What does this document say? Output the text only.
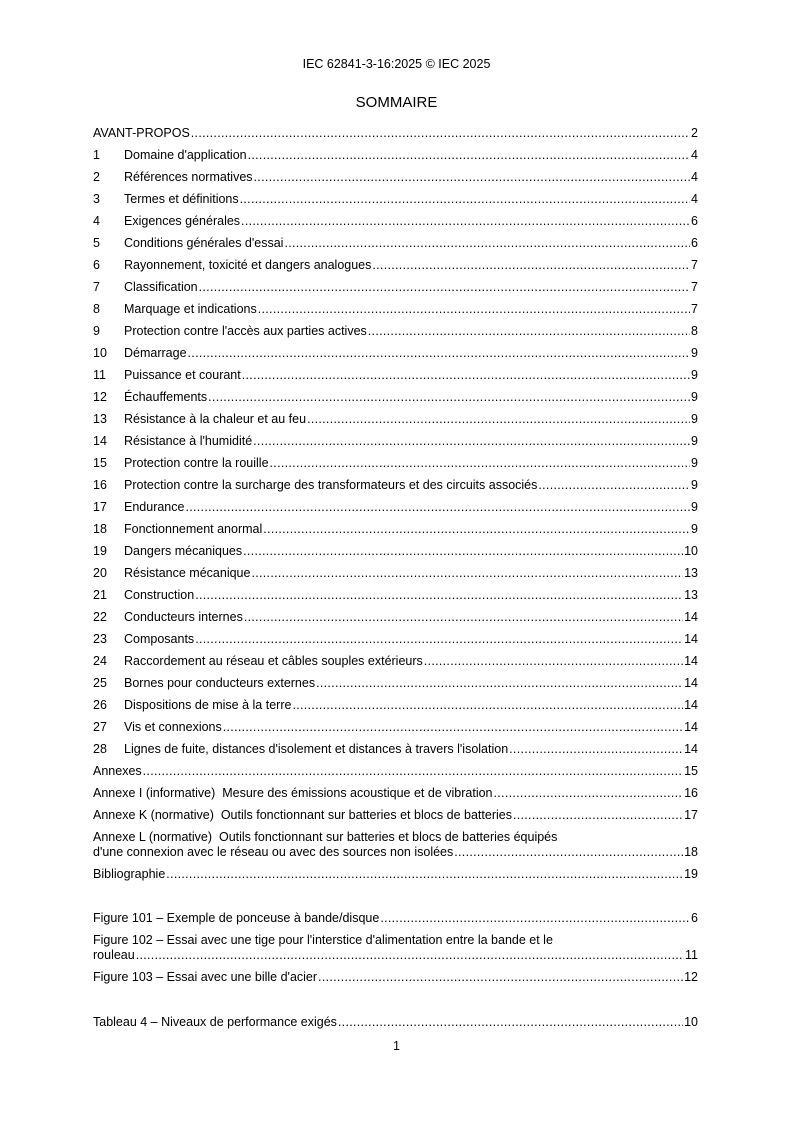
IEC 62841-3-16:2025 © IEC 2025
SOMMAIRE
AVANT-PROPOS .....	2
1	Domaine d'application .....	4
2	Références normatives .....	4
3	Termes et définitions .....	4
4	Exigences générales .....	6
5	Conditions générales d'essai .....	6
6	Rayonnement, toxicité et dangers analogues .....	7
7	Classification .....	7
8	Marquage et indications .....	7
9	Protection contre l'accès aux parties actives .....	8
10	Démarrage .....	9
11	Puissance et courant .....	9
12	Échauffements .....	9
13	Résistance à la chaleur et au feu .....	9
14	Résistance à l'humidité .....	9
15	Protection contre la rouille .....	9
16	Protection contre la surcharge des transformateurs et des circuits associés .....	9
17	Endurance .....	9
18	Fonctionnement anormal .....	9
19	Dangers mécaniques .....	10
20	Résistance mécanique .....	13
21	Construction .....	13
22	Conducteurs internes .....	14
23	Composants .....	14
24	Raccordement au réseau et câbles souples extérieurs .....	14
25	Bornes pour conducteurs externes .....	14
26	Dispositions de mise à la terre .....	14
27	Vis et connexions .....	14
28	Lignes de fuite, distances d'isolement et distances à travers l'isolation .....	14
Annexes .....	15
Annexe I (informative)  Mesure des émissions acoustique et de vibration .....	16
Annexe K (normative)  Outils fonctionnant sur batteries et blocs de batteries .....	17
Annexe L (normative)  Outils fonctionnant sur batteries et blocs de batteries équipés
d'une connexion avec le réseau ou avec des sources non isolées .....	18
Bibliographie .....	19
Figure 101 – Exemple de ponceuse à bande/disque .....	6
Figure 102 – Essai avec une tige pour l'interstice d'alimentation entre la bande et le
rouleau .....	11
Figure 103 – Essai avec une bille d'acier .....	12
Tableau 4 – Niveaux de performance exigés .....	10
1
